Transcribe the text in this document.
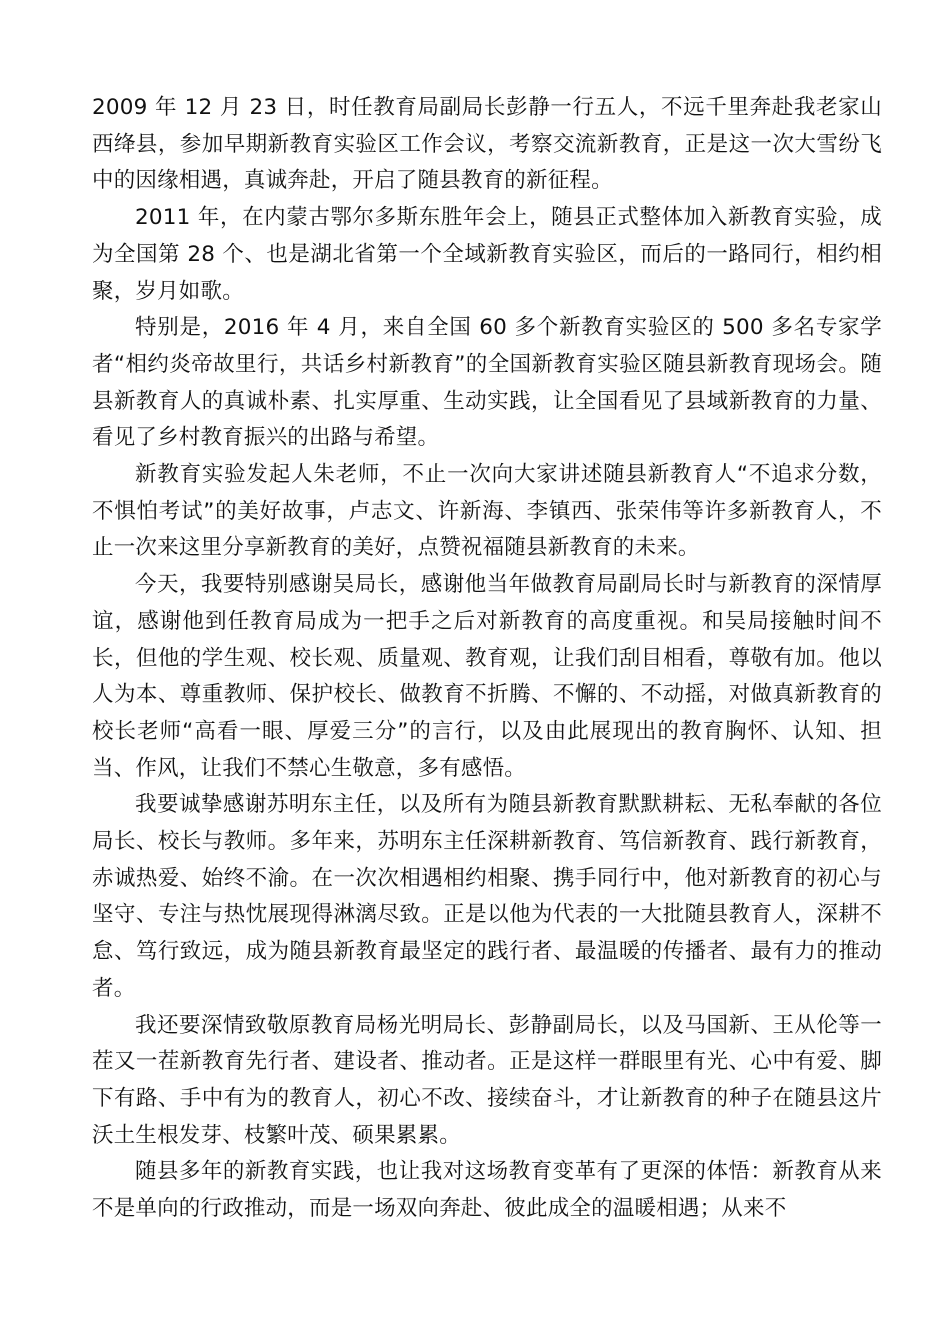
2009 年 12 月 23 日，时任教育局副局长彭静一行五人，不远千里奔赴我老家山西绛县，参加早期新教育实验区工作会议，考察交流新教育，正是这一次大雪纷飞中的因缘相遇，真诚奔赴，开启了随县教育的新征程。

2011 年，在内蒙古鄂尔多斯东胜年会上，随县正式整体加入新教育实验，成为全国第 28 个、也是湖北省第一个全域新教育实验区，而后的一路同行，相约相聚，岁月如歌。

特别是，2016 年 4 月，来自全国 60 多个新教育实验区的 500 多名专家学者“相约炎帝故里行，共话乡村新教育”的全国新教育实验区随县新教育现场会。随县新教育人的真诚朴素、扎实厚重、生动实践，让全国看见了县域新教育的力量、看见了乡村教育振兴的出路与希望。

新教育实验发起人朱老师，不止一次向大家讲述随县新教育人“不追求分数，不惧怕考试”的美好故事，卢志文、许新海、李镇西、张荣伟等许多新教育人，不止一次来这里分享新教育的美好，点赞祝福随县新教育的未来。

今天，我要特别感谢吴局长，感谢他当年做教育局副局长时与新教育的深情厚谊，感谢他到任教育局成为一把手之后对新教育的高度重视。和吴局接触时间不长，但他的学生观、校长观、质量观、教育观，让我们刮目相看，尊敬有加。他以人为本、尊重教师、保护校长、做教育不折腾、不懈的、不动摇，对做真新教育的校长老师“高看一眼、厚爱三分”的言行，以及由此展现出的教育胸怀、认知、担当、作风，让我们不禁心生敬意，多有感悟。

我要诚挚感谢苏明东主任，以及所有为随县新教育默默耕耘、无私奉献的各位局长、校长与教师。多年来，苏明东主任深耕新教育、笃信新教育、践行新教育，赤诚热爱、始终不渝。在一次次相遇相约相聚、携手同行中，他对新教育的初心与坚守、专注与热忱展现得淋漓尽致。正是以他为代表的一大批随县教育人，深耕不怠、笃行致远，成为随县新教育最坚定的践行者、最温暖的传播者、最有力的推动者。

我还要深情致敬原教育局杨光明局长、彭静副局长，以及马国新、王从伦等一茬又一茬新教育先行者、建设者、推动者。正是这样一群眼里有光、心中有爱、脚下有路、手中有为的教育人，初心不改、接续奋斗，才让新教育的种子在随县这片沃土生根发芽、枝繁叶茂、硕果累累。

随县多年的新教育实践，也让我对这场教育变革有了更深的体悟：新教育从来不是单向的行政推动，而是一场双向奔赴、彼此成全的温暖相遇；从来不
